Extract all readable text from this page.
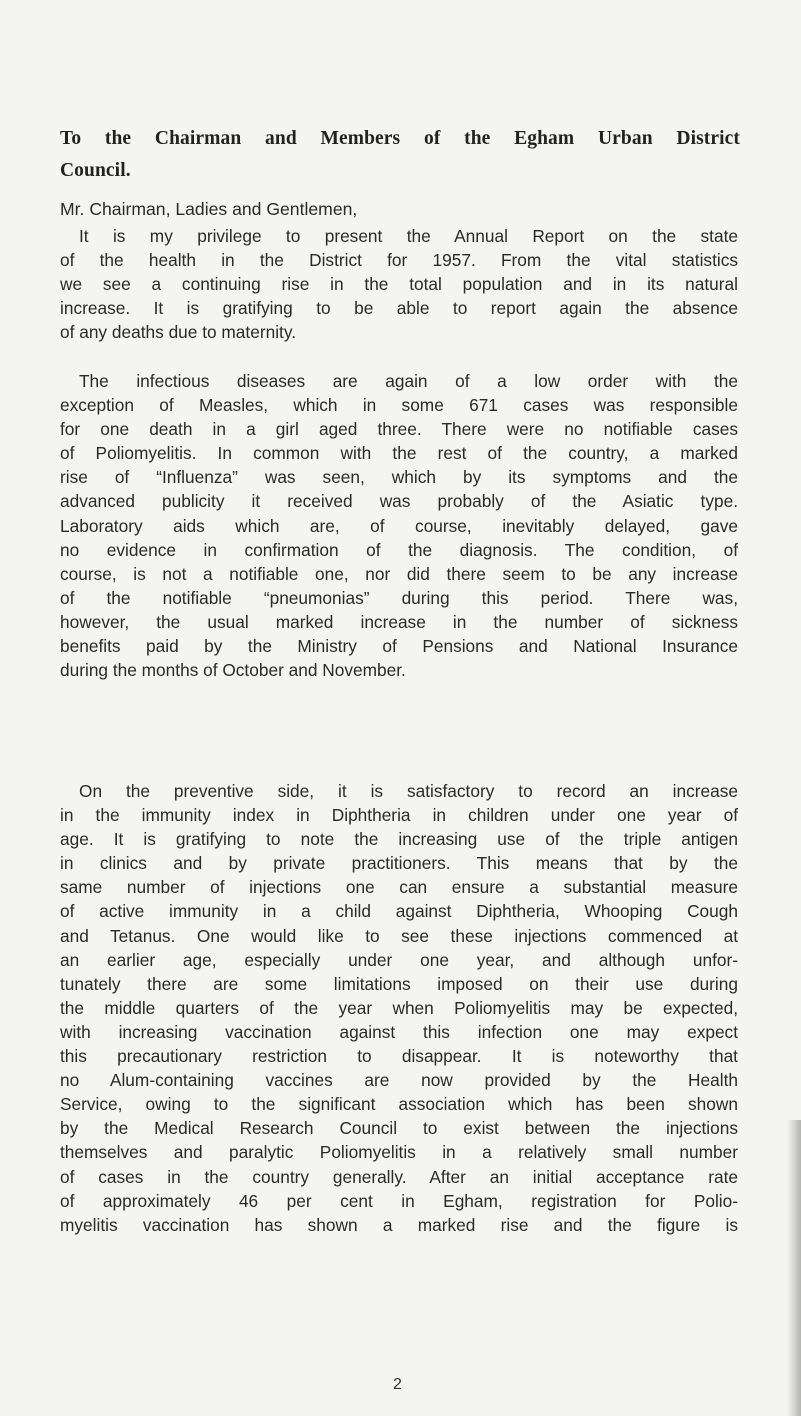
To the Chairman and Members of the Egham Urban District
Council.
Mr. Chairman, Ladies and Gentlemen,
It is my privilege to present the Annual Report on the state
of the health in the District for 1957. From the vital statistics
we see a continuing rise in the total population and in its natural
increase. It is gratifying to be able to report again the absence
of any deaths due to maternity.
The infectious diseases are again of a low order with the
exception of Measles, which in some 671 cases was responsible
for one death in a girl aged three. There were no notifiable cases
of Poliomyelitis. In common with the rest of the country, a marked
rise of “Influenza” was seen, which by its symptoms and the
advanced publicity it received was probably of the Asiatic type.
Laboratory aids which are, of course, inevitably delayed, gave
no evidence in confirmation of the diagnosis. The condition, of
course, is not a notifiable one, nor did there seem to be any increase
of the notifiable “pneumonias” during this period. There was,
however, the usual marked increase in the number of sickness
benefits paid by the Ministry of Pensions and National Insurance
during the months of October and November.
On the preventive side, it is satisfactory to record an increase
in the immunity index in Diphtheria in children under one year of
age. It is gratifying to note the increasing use of the triple antigen
in clinics and by private practitioners. This means that by the
same number of injections one can ensure a substantial measure
of active immunity in a child against Diphtheria, Whooping Cough
and Tetanus. One would like to see these injections commenced at
an earlier age, especially under one year, and although unfor-
tunately there are some limitations imposed on their use during
the middle quarters of the year when Poliomyelitis may be expected,
with increasing vaccination against this infection one may expect
this precautionary restriction to disappear. It is noteworthy that
no Alum-containing vaccines are now provided by the Health
Service, owing to the significant association which has been shown
by the Medical Research Council to exist between the injections
themselves and paralytic Poliomyelitis in a relatively small number
of cases in the country generally. After an initial acceptance rate
of approximately 46 per cent in Egham, registration for Polio-
myelitis vaccination has shown a marked rise and the figure is
2
